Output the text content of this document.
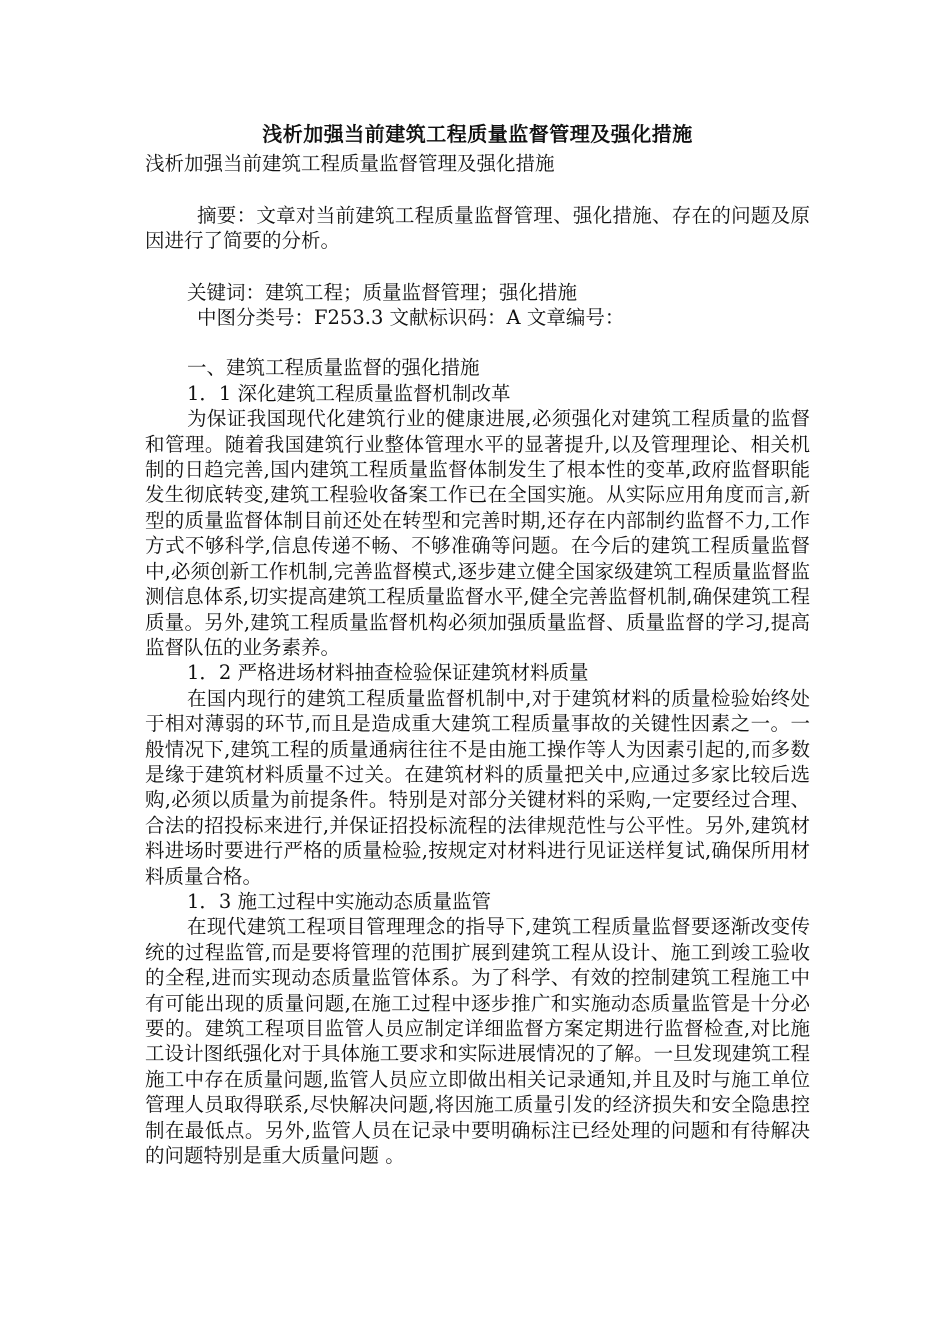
浅析加强当前建筑工程质量监督管理及强化措施

浅析加强当前建筑工程质量监督管理及强化措施

摘要：文章对当前建筑工程质量监督管理、强化措施、存在的问题及原因进行了简要的分析。

关键词：建筑工程；质量监督管理；强化措施

中图分类号：F253.3 文献标识码：A 文章编号：

一、建筑工程质量监督的强化措施

1．1 深化建筑工程质量监督机制改革

为保证我国现代化建筑行业的健康进展,必须强化对建筑工程质量的监督和管理。随着我国建筑行业整体管理水平的显著提升,以及管理理论、相关机制的日趋完善,国内建筑工程质量监督体制发生了根本性的变革,政府监督职能发生彻底转变,建筑工程验收备案工作已在全国实施。从实际应用角度而言,新型的质量监督体制目前还处在转型和完善时期,还存在内部制约监督不力,工作方式不够科学,信息传递不畅、不够准确等问题。在今后的建筑工程质量监督中,必须创新工作机制,完善监督模式,逐步建立健全国家级建筑工程质量监督监测信息体系,切实提高建筑工程质量监督水平,健全完善监督机制,确保建筑工程质量。另外,建筑工程质量监督机构必须加强质量监督、质量监督的学习,提高监督队伍的业务素养。

1．2 严格进场材料抽查检验保证建筑材料质量

在国内现行的建筑工程质量监督机制中,对于建筑材料的质量检验始终处于相对薄弱的环节,而且是造成重大建筑工程质量事故的关键性因素之一。一般情况下,建筑工程的质量通病往往不是由施工操作等人为因素引起的,而多数是缘于建筑材料质量不过关。在建筑材料的质量把关中,应通过多家比较后选购,必须以质量为前提条件。特别是对部分关键材料的采购,一定要经过合理、合法的招投标来进行,并保证招投标流程的法律规范性与公平性。另外,建筑材料进场时要进行严格的质量检验,按规定对材料进行见证送样复试,确保所用材料质量合格。

1．3 施工过程中实施动态质量监管

在现代建筑工程项目管理理念的指导下,建筑工程质量监督要逐渐改变传统的过程监管,而是要将管理的范围扩展到建筑工程从设计、施工到竣工验收的全程,进而实现动态质量监管体系。为了科学、有效的控制建筑工程施工中有可能出现的质量问题,在施工过程中逐步推广和实施动态质量监管是十分必要的。建筑工程项目监管人员应制定详细监督方案定期进行监督检查,对比施工设计图纸强化对于具体施工要求和实际进展情况的了解。一旦发现建筑工程施工中存在质量问题,监管人员应立即做出相关记录通知,并且及时与施工单位管理人员取得联系,尽快解决问题,将因施工质量引发的经济损失和安全隐患控制在最低点。另外,监管人员在记录中要明确标注已经处理的问题和有待解决的问题特别是重大质量问题 。
